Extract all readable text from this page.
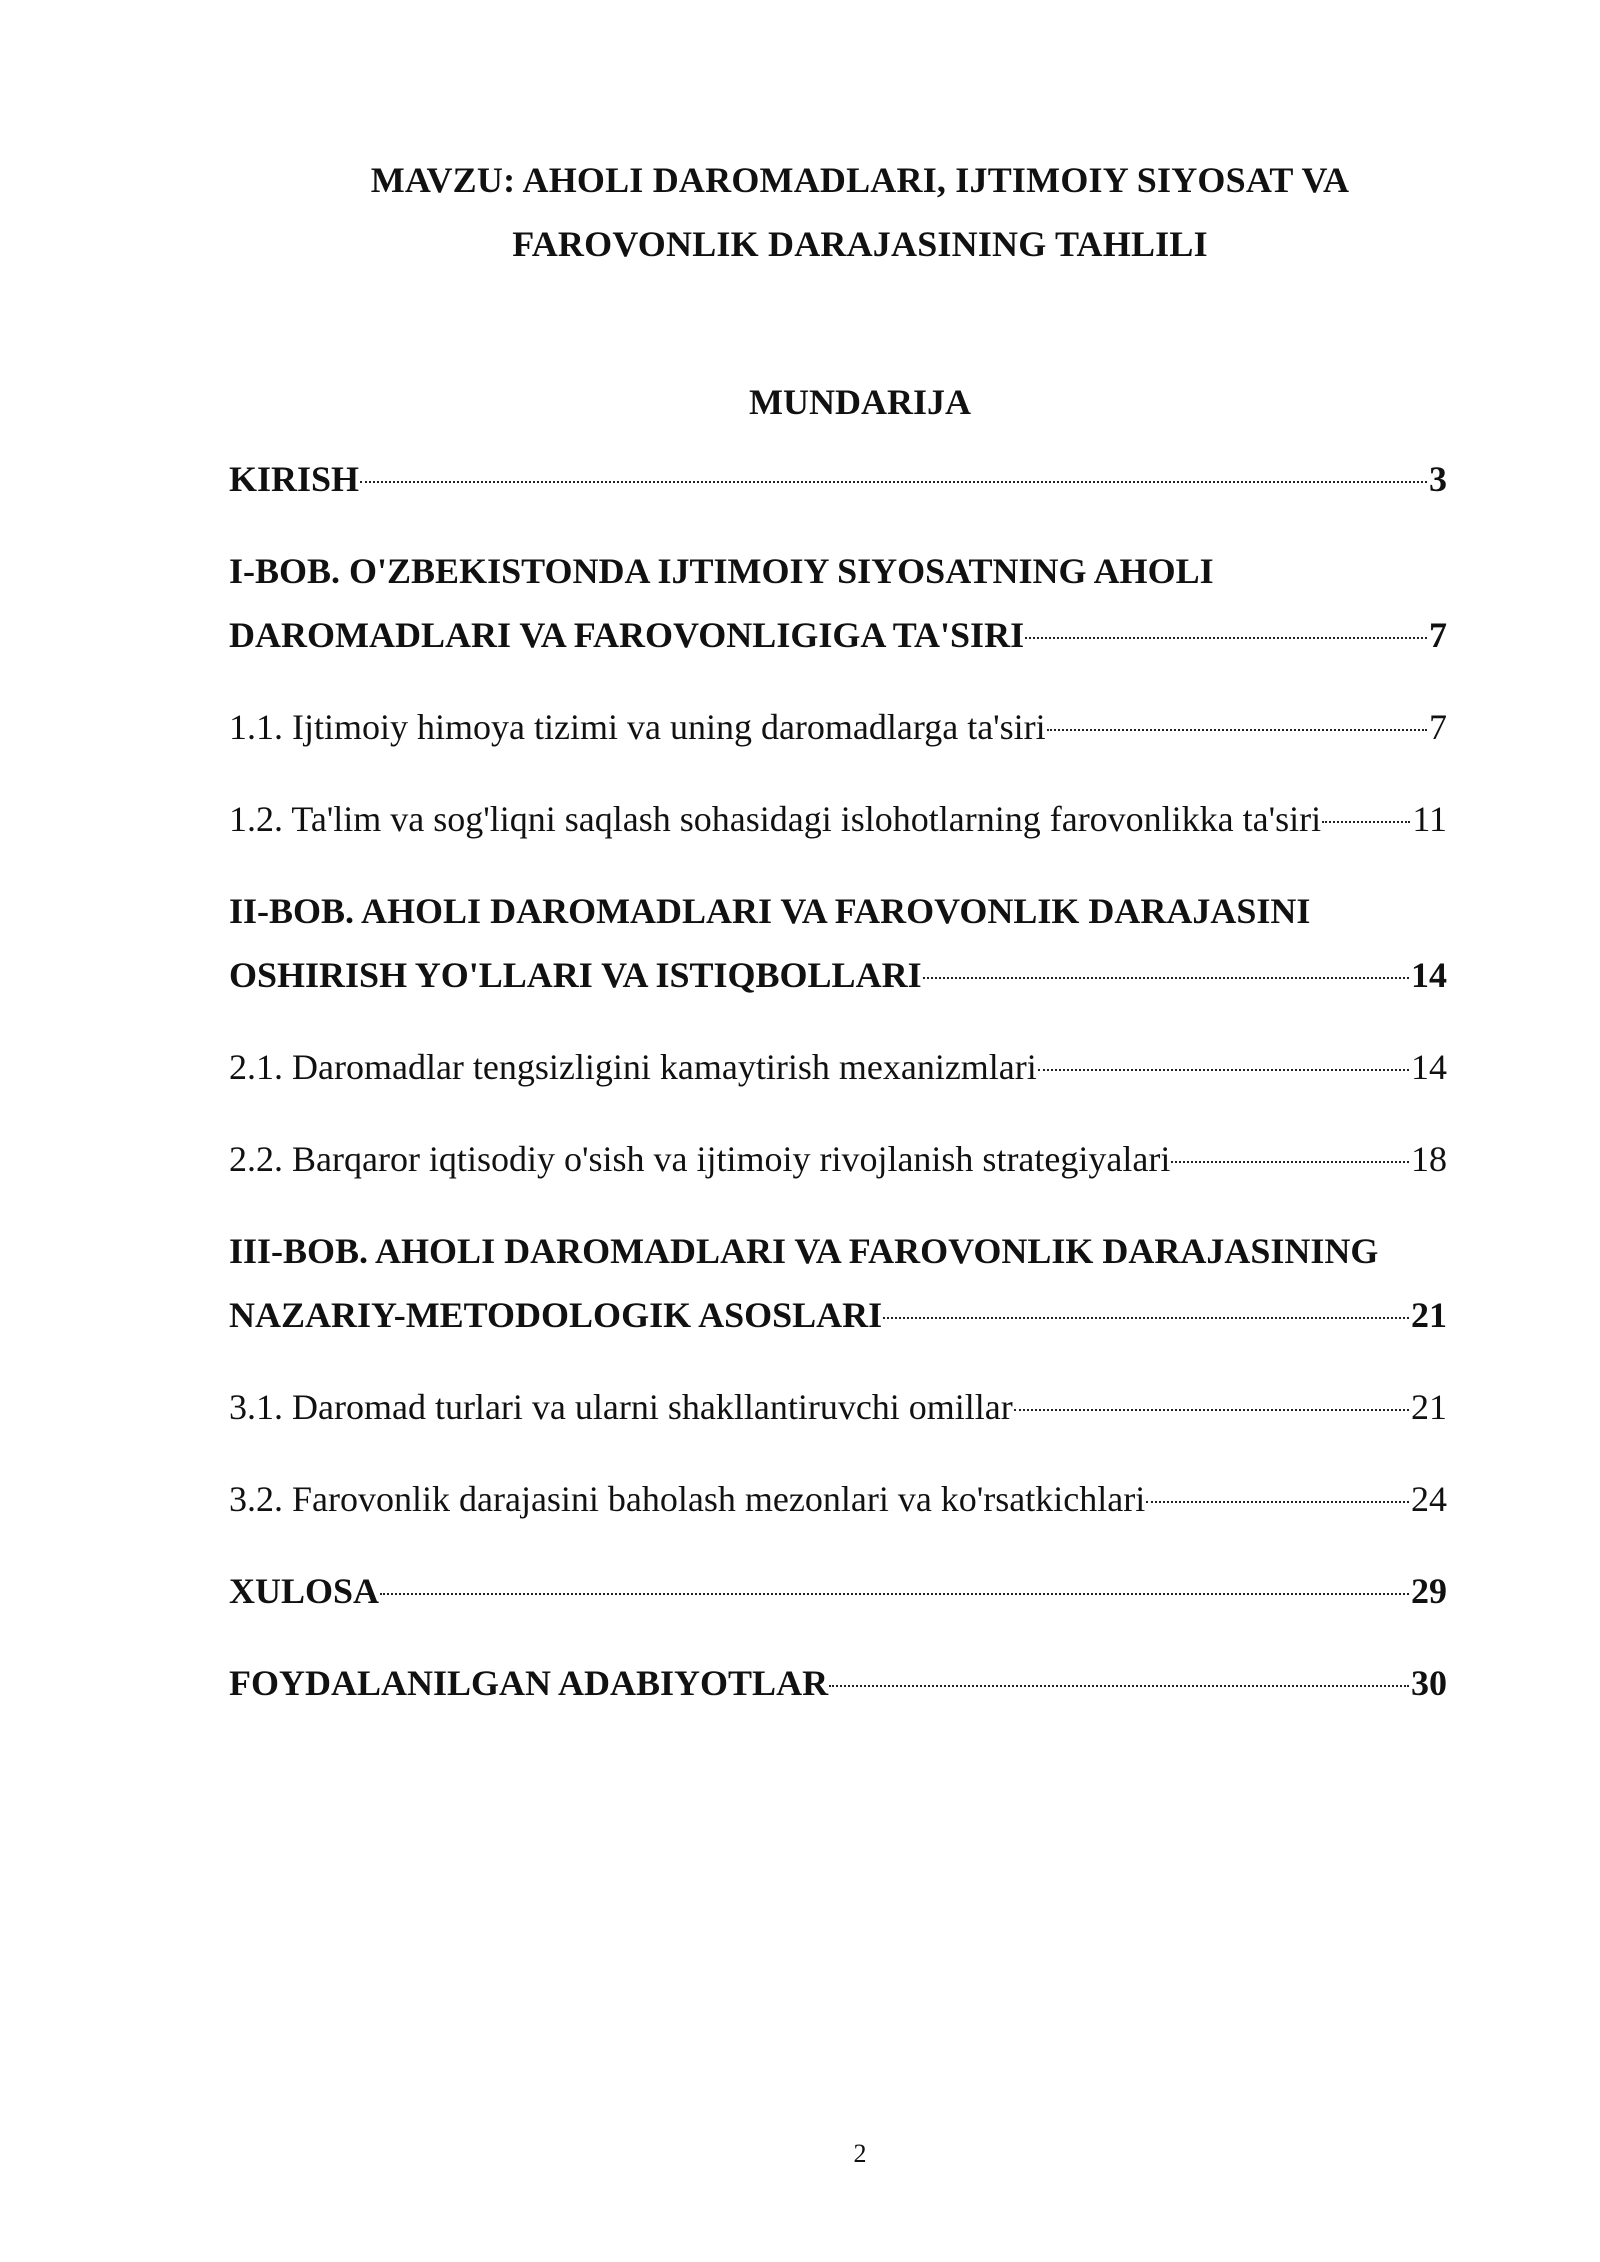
MAVZU: AHOLI DAROMADLARI, IJTIMOIY SIYOSAT VA
FAROVONLIK DARAJASINING TAHLILI
MUNDARIJA
KIRISH	3
I-BOB. O'ZBEKISTONDA IJTIMOIY SIYOSATNING AHOLI
DAROMADLARI VA FAROVONLIGIGA TA'SIRI	7
1.1. Ijtimoiy himoya tizimi va uning daromadlarga ta'siri	7
1.2. Ta'lim va sog'liqni saqlash sohasidagi islohotlarning farovonlikka ta'siri	11
II-BOB. AHOLI DAROMADLARI VA FAROVONLIK DARAJASINI
OSHIRISH YO'LLARI VA ISTIQBOLLARI	14
2.1. Daromadlar tengsizligini kamaytirish mexanizmlari	14
2.2. Barqaror iqtisodiy o'sish va ijtimoiy rivojlanish strategiyalari	18
III-BOB. AHOLI DAROMADLARI VA FAROVONLIK DARAJASINING
NAZARIY-METODOLOGIK ASOSLARI	21
3.1. Daromad turlari va ularni shakllantiruvchi omillar	21
3.2. Farovonlik darajasini baholash mezonlari va ko'rsatkichlari	24
XULOSA	29
FOYDALANILGAN ADABIYOTLAR	30
2
